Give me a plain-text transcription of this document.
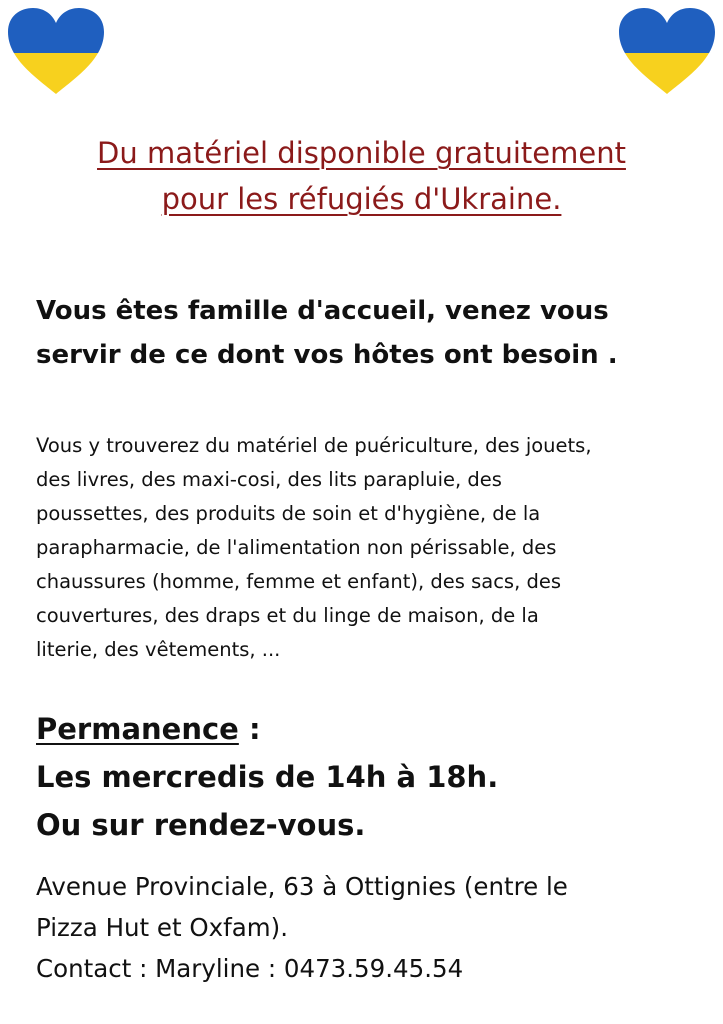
Du matériel disponible gratuitement
pour les réfugiés d'Ukraine.

Vous êtes famille d'accueil, venez vous
servir de ce dont vos hôtes ont besoin .

Vous y trouverez du matériel de puériculture, des jouets,
des livres, des maxi-cosi, des lits parapluie, des
poussettes, des produits de soin et d'hygiène, de la
parapharmacie, de l'alimentation non périssable, des
chaussures (homme, femme et enfant), des sacs, des
couvertures, des draps et du linge de maison, de la
literie, des vêtements, ...

Permanence :
Les mercredis de 14h à 18h.
Ou sur rendez-vous.

Avenue Provinciale, 63 à Ottignies (entre le
Pizza Hut et Oxfam).
Contact : Maryline : 0473.59.45.54
